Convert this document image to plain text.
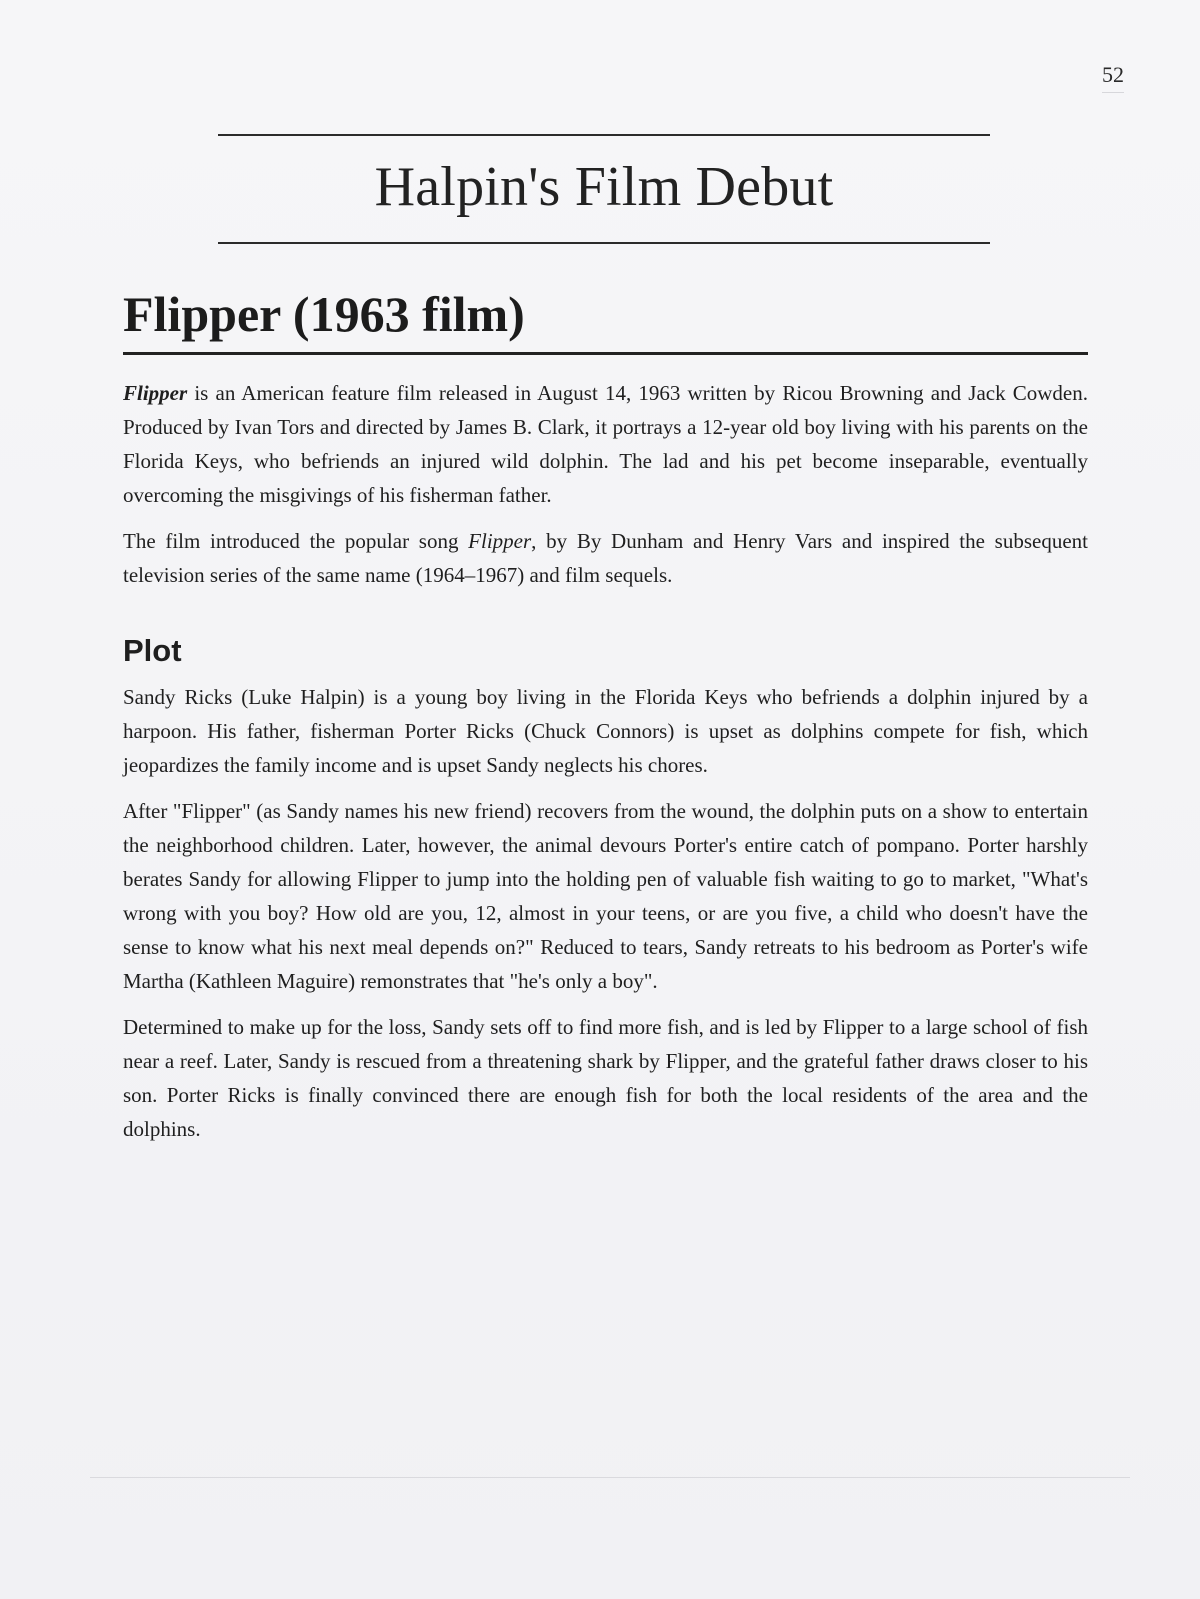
52
Halpin's Film Debut
Flipper (1963 film)

Flipper is an American feature film released in August 14, 1963 written by Ricou Browning and Jack Cowden. Produced by Ivan Tors and directed by James B. Clark, it portrays a 12-year old boy living with his parents on the Florida Keys, who befriends an injured wild dolphin. The lad and his pet become inseparable, eventually overcoming the misgivings of his fisherman father.

The film introduced the popular song Flipper, by By Dunham and Henry Vars and inspired the subsequent television series of the same name (1964–1967) and film sequels.

Plot

Sandy Ricks (Luke Halpin) is a young boy living in the Florida Keys who befriends a dolphin injured by a harpoon. His father, fisherman Porter Ricks (Chuck Connors) is upset as dolphins compete for fish, which jeopardizes the family income and is upset Sandy neglects his chores.

After "Flipper" (as Sandy names his new friend) recovers from the wound, the dolphin puts on a show to entertain the neighborhood children. Later, however, the animal devours Porter's entire catch of pompano. Porter harshly berates Sandy for allowing Flipper to jump into the holding pen of valuable fish waiting to go to market, "What's wrong with you boy? How old are you, 12, almost in your teens, or are you five, a child who doesn't have the sense to know what his next meal depends on?" Reduced to tears, Sandy retreats to his bedroom as Porter's wife Martha (Kathleen Maguire) remonstrates that "he's only a boy".

Determined to make up for the loss, Sandy sets off to find more fish, and is led by Flipper to a large school of fish near a reef. Later, Sandy is rescued from a threatening shark by Flipper, and the grateful father draws closer to his son. Porter Ricks is finally convinced there are enough fish for both the local residents of the area and the dolphins.
